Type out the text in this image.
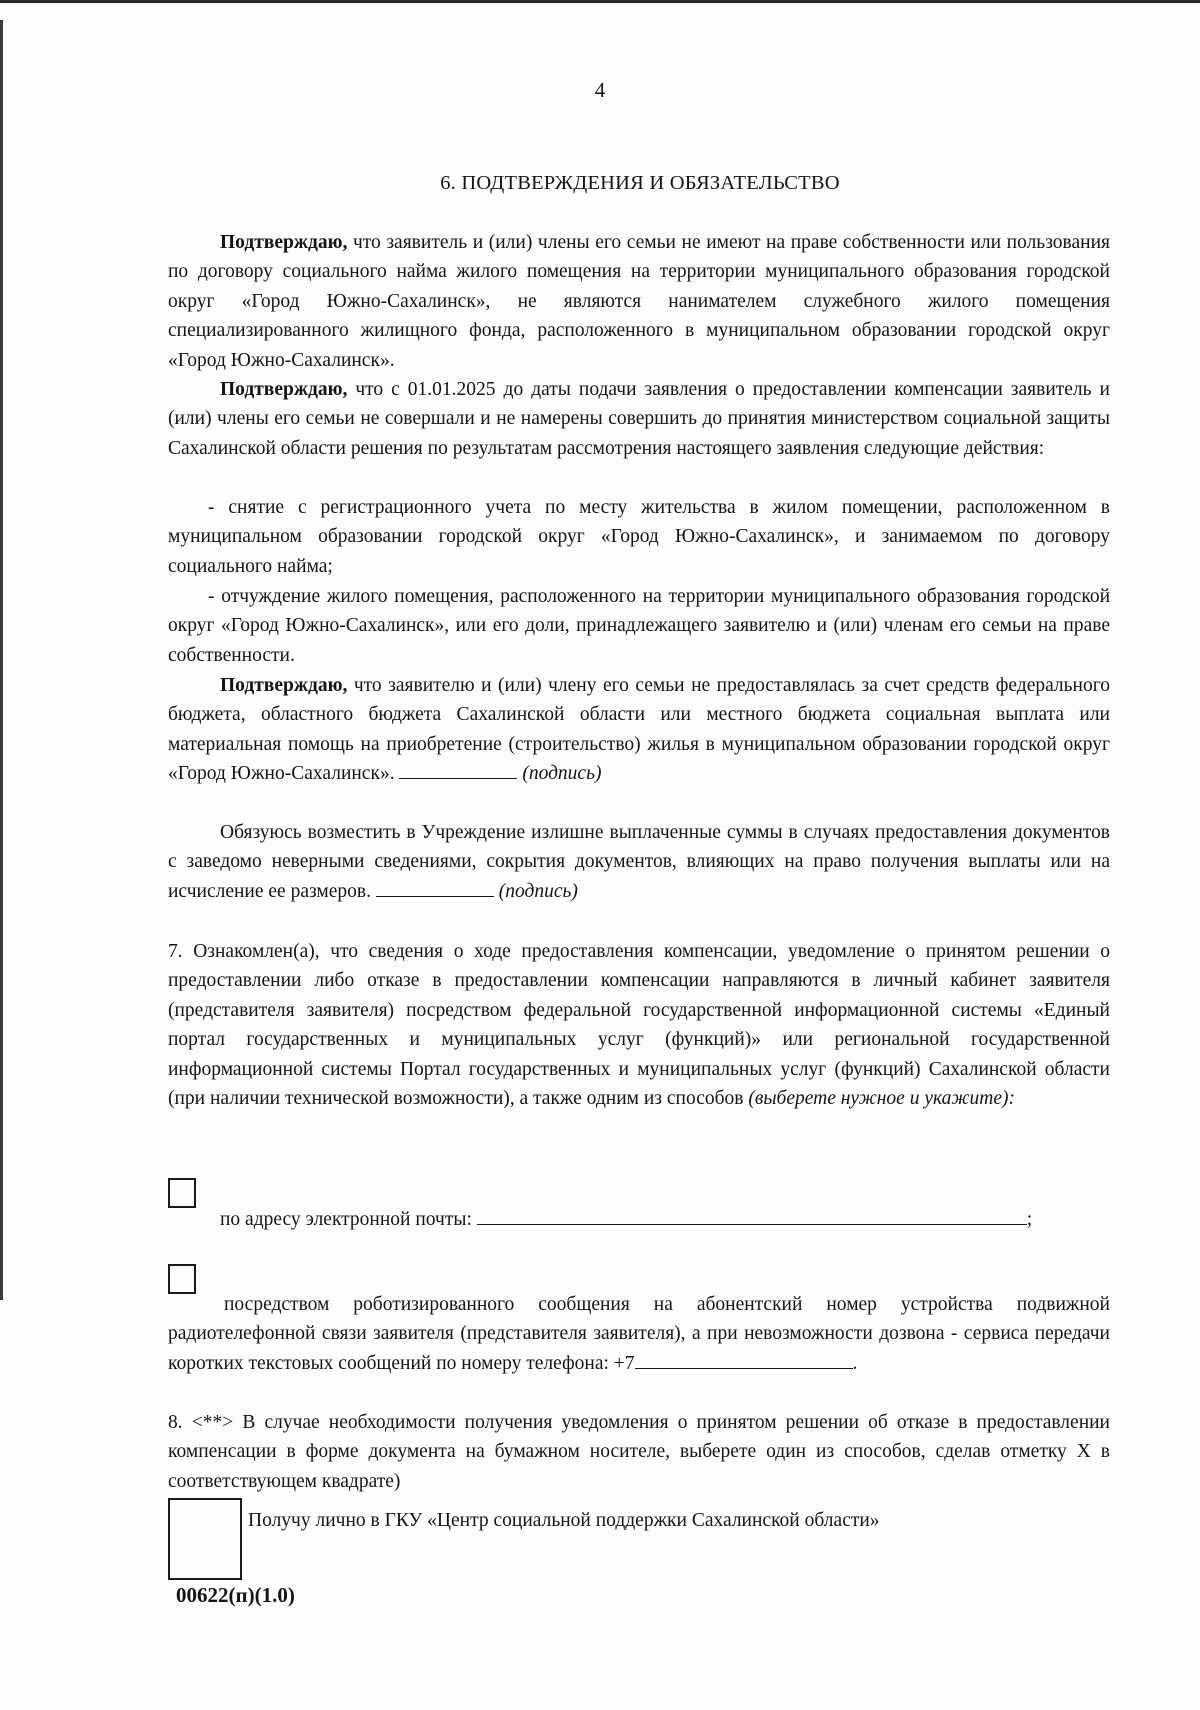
4
6. ПОДТВЕРЖДЕНИЯ И ОБЯЗАТЕЛЬСТВО

Подтверждаю, что заявитель и (или) члены его семьи не имеют на праве собственности или пользования по договору социального найма жилого помещения на территории муниципального образования городской округ «Город Южно-Сахалинск», не являются нанимателем служебного жилого помещения специализированного жилищного фонда, расположенного в муниципальном образовании городской округ «Город Южно-Сахалинск».

Подтверждаю, что с 01.01.2025 до даты подачи заявления о предоставлении компенсации заявитель и (или) члены его семьи не совершали и не намерены совершить до принятия министерством социальной защиты Сахалинской области решения по результатам рассмотрения настоящего заявления следующие действия:

- снятие с регистрационного учета по месту жительства в жилом помещении, расположенном в муниципальном образовании городской округ «Город Южно-Сахалинск», и занимаемом по договору социального найма;

- отчуждение жилого помещения, расположенного на территории муниципального образования городской округ «Город Южно-Сахалинск», или его доли, принадлежащего заявителю и (или) членам его семьи на праве собственности.

Подтверждаю, что заявителю и (или) члену его семьи не предоставлялась за счет средств федерального бюджета, областного бюджета Сахалинской области или местного бюджета социальная выплата или материальная помощь на приобретение (строительство) жилья в муниципальном образовании городской округ «Город Южно-Сахалинск».	(подпись)

Обязуюсь возместить в Учреждение излишне выплаченные суммы в случаях предоставления документов с заведомо неверными сведениями, сокрытия документов, влияющих на право получения выплаты или на исчисление ее размеров.	(подпись)

7. Ознакомлен(а), что сведения о ходе предоставления компенсации, уведомление о принятом решении о предоставлении либо отказе в предоставлении компенсации направляются в личный кабинет заявителя (представителя заявителя) посредством федеральной государственной информационной системы «Единый портал государственных и муниципальных услуг (функций)» или региональной государственной информационной системы Портал государственных и муниципальных услуг (функций) Сахалинской области (при наличии технической возможности), а также одним из способов (выберете нужное и укажите):

по адресу электронной почты:	;

посредством роботизированного сообщения на абонентский номер устройства подвижной радиотелефонной связи заявителя (представителя заявителя), а при невозможности дозвона - сервиса передачи коротких текстовых сообщений по номеру телефона: +7	.

8. <**> В случае необходимости получения уведомления о принятом решении об отказе в предоставлении компенсации в форме документа на бумажном носителе, выберете один из способов, сделав отметку X в соответствующем квадрате)

Получу лично в ГКУ «Центр социальной поддержки Сахалинской области»
00622(п)(1.0)
